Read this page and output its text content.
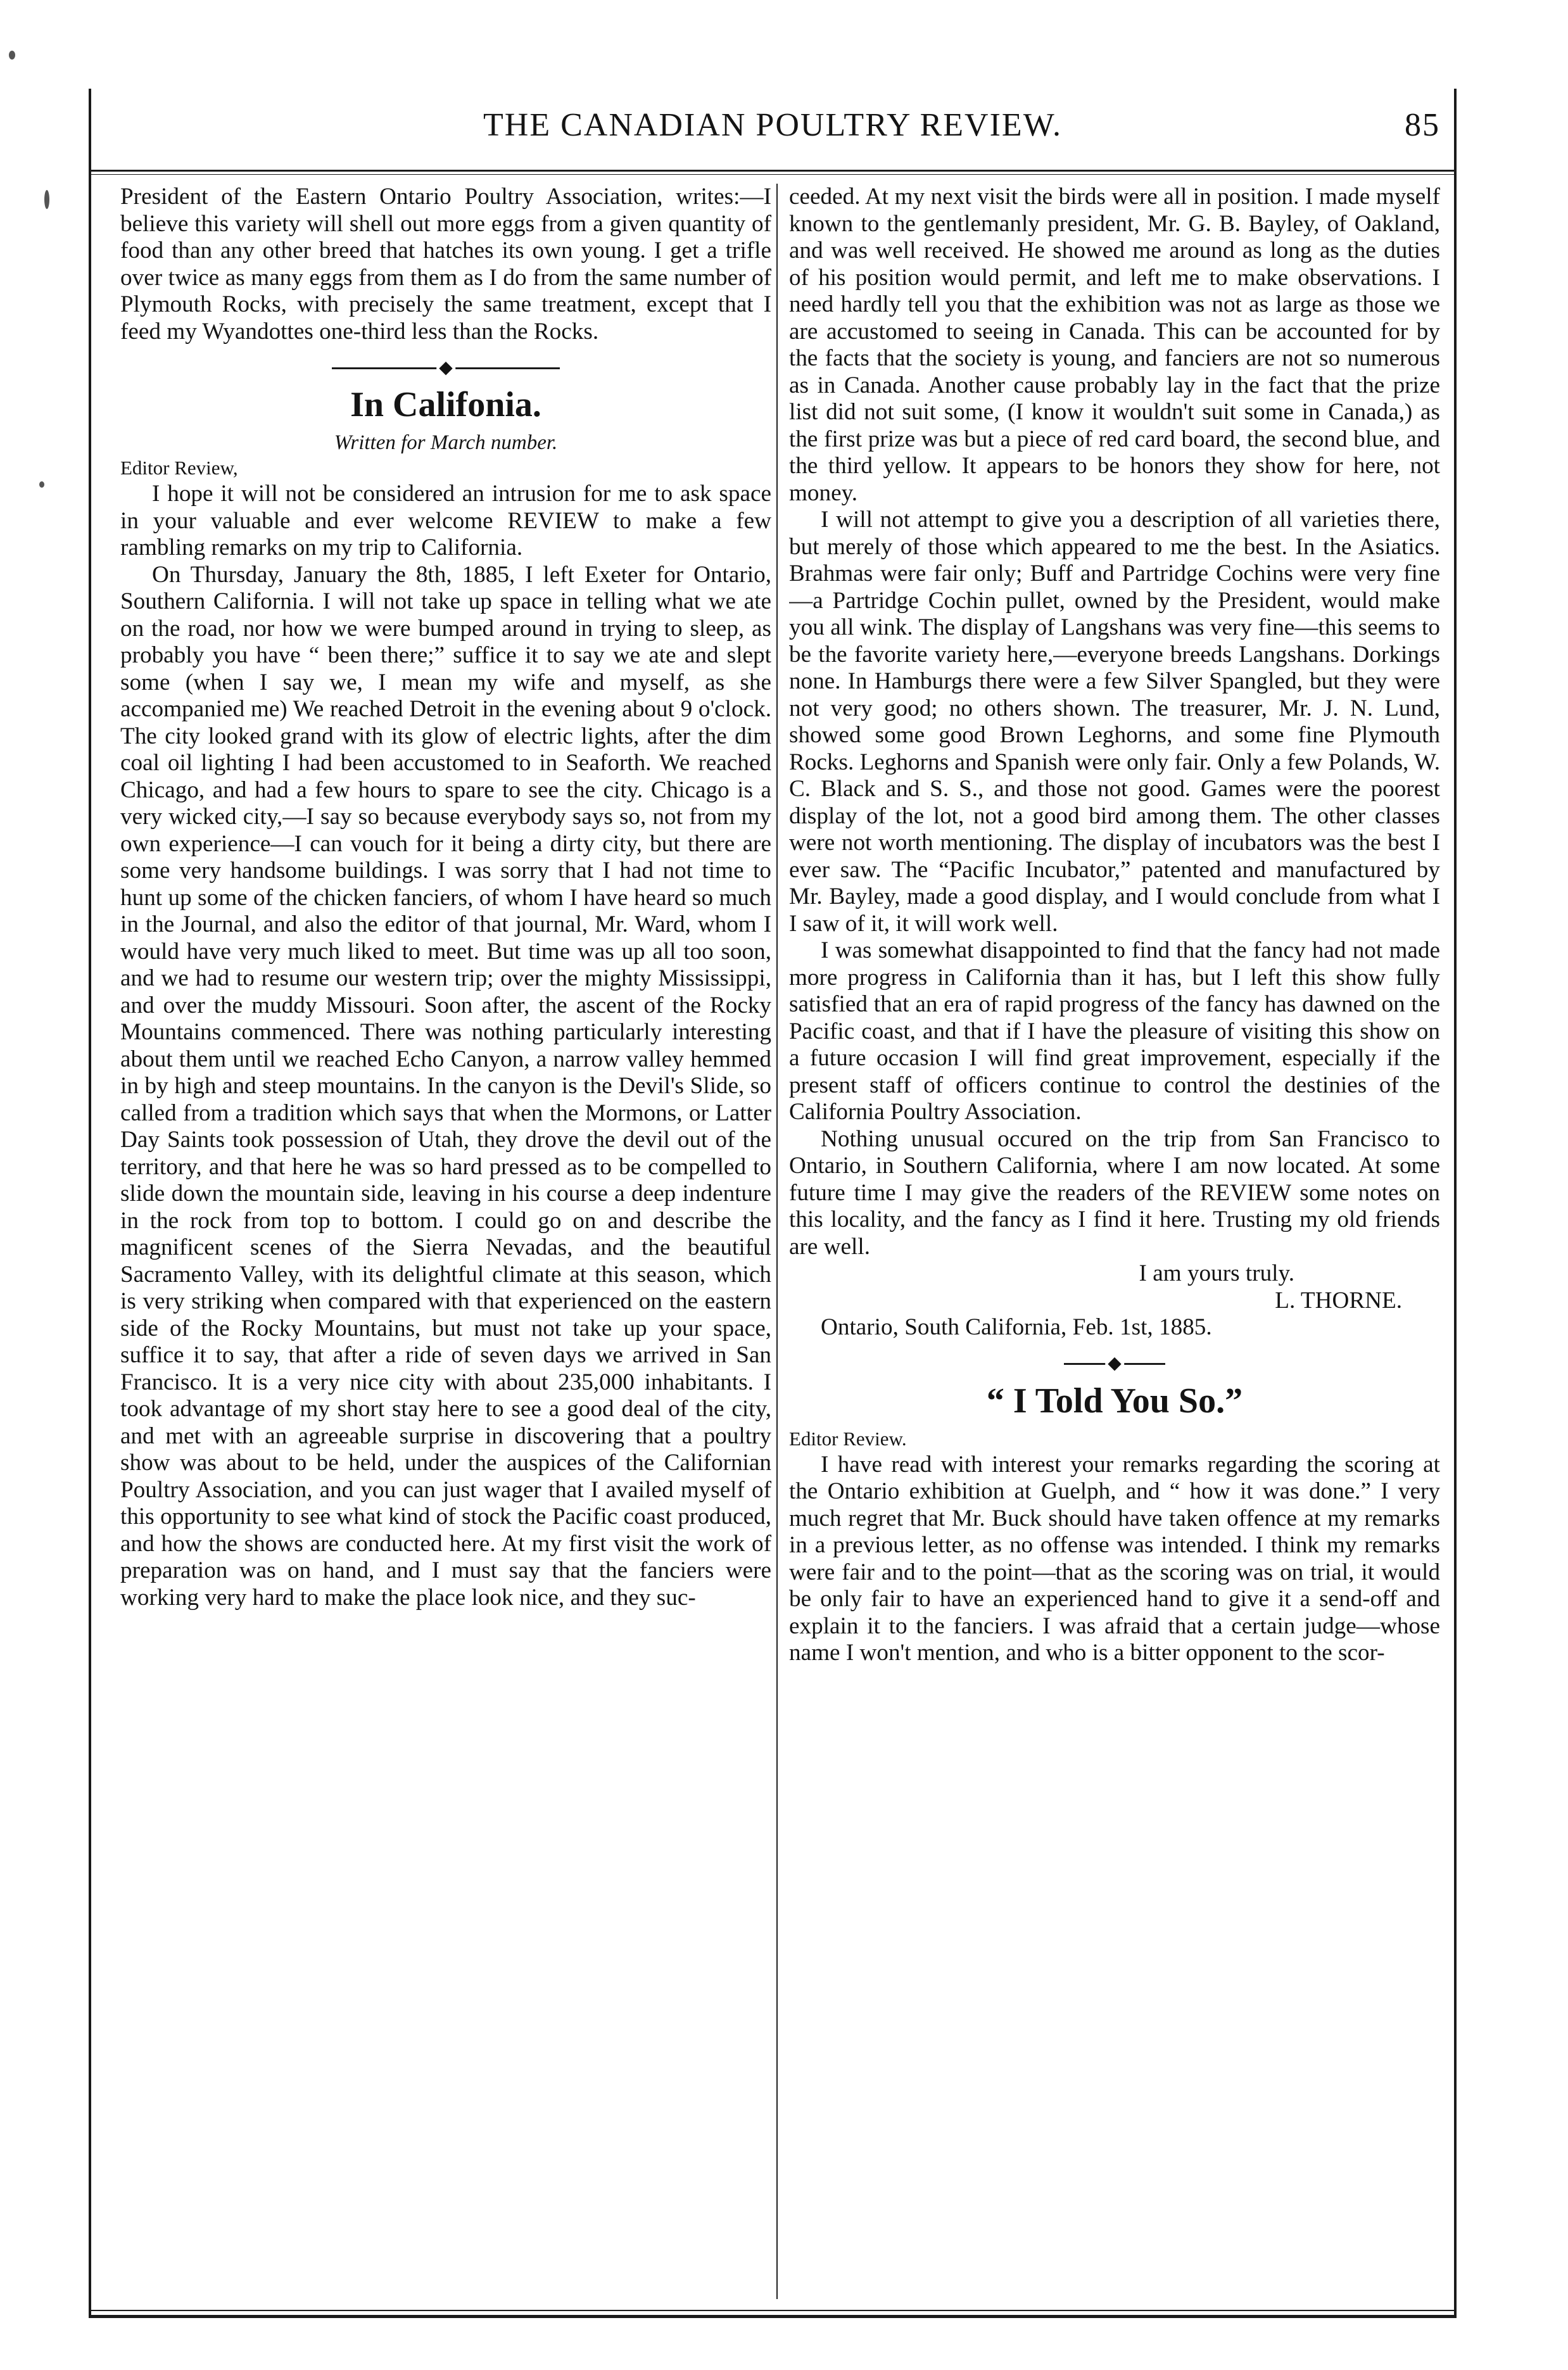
THE CANADIAN POULTRY REVIEW.	85

President of the Eastern Ontario Poultry Association, writes:—I believe this variety will shell out more eggs from a given quantity of food than any other breed that hatches its own young. I get a trifle over twice as many eggs from them as I do from the same number of Plymouth Rocks, with precisely the same treatment, except that I feed my Wyandottes one-third less than the Rocks.

◆
In Califonia.
Written for March number.

Editor Review,

I hope it will not be considered an intrusion for me to ask space in your valuable and ever welcome REVIEW to make a few rambling remarks on my trip to California.

On Thursday, January the 8th, 1885, I left Exeter for Ontario, Southern California. I will not take up space in telling what we ate on the road, nor how we were bumped around in trying to sleep, as probably you have “ been there;” suffice it to say we ate and slept some (when I say we, I mean my wife and myself, as she accompanied me) We reached Detroit in the evening about 9 o'clock. The city looked grand with its glow of electric lights, after the dim coal oil lighting I had been accustomed to in Seaforth. We reached Chicago, and had a few hours to spare to see the city. Chicago is a very wicked city,—I say so because everybody says so, not from my own experience—I can vouch for it being a dirty city, but there are some very handsome buildings. I was sorry that I had not time to hunt up some of the chicken fanciers, of whom I have heard so much in the Journal, and also the editor of that journal, Mr. Ward, whom I would have very much liked to meet. But time was up all too soon, and we had to resume our western trip; over the mighty Mississippi, and over the muddy Missouri. Soon after, the ascent of the Rocky Mountains commenced. There was nothing particularly interesting about them until we reached Echo Canyon, a narrow valley hemmed in by high and steep mountains. In the canyon is the Devil's Slide, so called from a tradition which says that when the Mormons, or Latter Day Saints took possession of Utah, they drove the devil out of the territory, and that here he was so hard pressed as to be compelled to slide down the mountain side, leaving in his course a deep indenture in the rock from top to bottom. I could go on and describe the magnificent scenes of the Sierra Nevadas, and the beautiful Sacramento Valley, with its delightful climate at this season, which is very striking when compared with that experienced on the eastern side of the Rocky Mountains, but must not take up your space, suffice it to say, that after a ride of seven days we arrived in San Francisco. It is a very nice city with about 235,000 inhabitants. I took advantage of my short stay here to see a good deal of the city, and met with an agreeable surprise in discovering that a poultry show was about to be held, under the auspices of the Californian Poultry Association, and you can just wager that I availed myself of this opportunity to see what kind of stock the Pacific coast produced, and how the shows are conducted here. At my first visit the work of preparation was on hand, and I must say that the fanciers were working very hard to make the place look nice, and they suc-

ceeded. At my next visit the birds were all in position. I made myself known to the gentlemanly president, Mr. G. B. Bayley, of Oakland, and was well received. He showed me around as long as the duties of his position would permit, and left me to make observations. I need hardly tell you that the exhibition was not as large as those we are accustomed to seeing in Canada. This can be accounted for by the facts that the society is young, and fanciers are not so numerous as in Canada. Another cause probably lay in the fact that the prize list did not suit some, (I know it wouldn't suit some in Canada,) as the first prize was but a piece of red card board, the second blue, and the third yellow. It appears to be honors they show for here, not money.

I will not attempt to give you a description of all varieties there, but merely of those which appeared to me the best. In the Asiatics. Brahmas were fair only; Buff and Partridge Cochins were very fine—a Partridge Cochin pullet, owned by the President, would make you all wink. The display of Langshans was very fine—this seems to be the favorite variety here,—everyone breeds Langshans. Dorkings none. In Hamburgs there were a few Silver Spangled, but they were not very good; no others shown. The treasurer, Mr. J. N. Lund, showed some good Brown Leghorns, and some fine Plymouth Rocks. Leghorns and Spanish were only fair. Only a few Polands, W. C. Black and S. S., and those not good. Games were the poorest display of the lot, not a good bird among them. The other classes were not worth mentioning. The display of incubators was the best I ever saw. The “Pacific Incubator,” patented and manufactured by Mr. Bayley, made a good display, and I would conclude from what I I saw of it, it will work well.

I was somewhat disappointed to find that the fancy had not made more progress in California than it has, but I left this show fully satisfied that an era of rapid progress of the fancy has dawned on the Pacific coast, and that if I have the pleasure of visiting this show on a future occasion I will find great improvement, especially if the present staff of officers continue to control the destinies of the California Poultry Association.

Nothing unusual occured on the trip from San Francisco to Ontario, in Southern California, where I am now located. At some future time I may give the readers of the REVIEW some notes on this locality, and the fancy as I find it here. Trusting my old friends are well.

I am yours truly.

L. THORNE.

Ontario, South California, Feb. 1st, 1885.

◆
“ I Told You So.”

Editor Review.

I have read with interest your remarks regarding the scoring at the Ontario exhibition at Guelph, and “ how it was done.” I very much regret that Mr. Buck should have taken offence at my remarks in a previous letter, as no offense was intended. I think my remarks were fair and to the point—that as the scoring was on trial, it would be only fair to have an experienced hand to give it a send-off and explain it to the fanciers. I was afraid that a certain judge—whose name I won't mention, and who is a bitter opponent to the scor-
